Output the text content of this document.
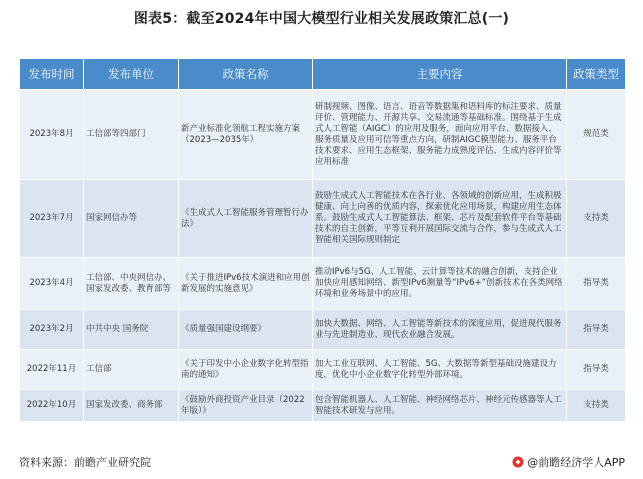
图表5：截至2024年中国大模型行业相关发展政策汇总(一)
发布时间	发布单位	政策名称	主要内容	政策类型
2023年8月	工信部等四部门	新产业标准化领航工程实施方案（2023—2035年）	研制视频、图像、语言、语音等数据集和语料库的标注要求、质量评价、管理能力、开源共享、交易流通等基础标准。围绕基于生成式人工智能（AIGC）的应用及服务，面向应用平台、数据接入、服务质量及应用可信等重点方向，研制AIGC模型能力、服务平台技术要求、应用生态框架、服务能力成熟度评估、生成内容评价等应用标准	规范类
2023年7月	国家网信办等	《生成式人工智能服务管理暂行办法》	鼓励生成式人工智能技术在各行业、各领域的创新应用，生成积极健康、向上向善的优质内容，探索优化应用场景，构建应用生态体系。鼓励生成式人工智能算法、框架、芯片及配套软件平台等基础技术的自主创新，平等互利开展国际交流与合作，参与生成式人工智能相关国际规则制定	支持类
2023年4月	工信部、中央网信办、国家发改委、教育部等	《关于推进IPv6技术演进和应用创新发展的实施意见》	推动IPv6与5G、人工智能、云计算等技术的融合创新，支持企业加快应用感知网络、新型IPv6测量等“IPv6+”创新技术在各类网络环境和业务场景中的应用。	指导类
2023年2月	中共中央 国务院	《质量强国建设纲要》	加快大数据、网络、人工智能等新技术的深度应用，促进现代服务业与先进制造业、现代农业融合发展。	指导类
2022年11月	工信部	《关于印发中小企业数字化转型指南的通知》	加大工业互联网、人工智能、5G、大数据等新型基础设施建设力度，优化中小企业数字化转型外部环境。	指导类
2022年10月	国家发改委、商务部	《鼓励外商投资产业目录（2022年版）》	包含智能机器人、人工智能、神经网络芯片、神经元传感器等人工智能技术研发与应用。	支持类
资料来源：前瞻产业研究院	@前瞻经济学人APP
